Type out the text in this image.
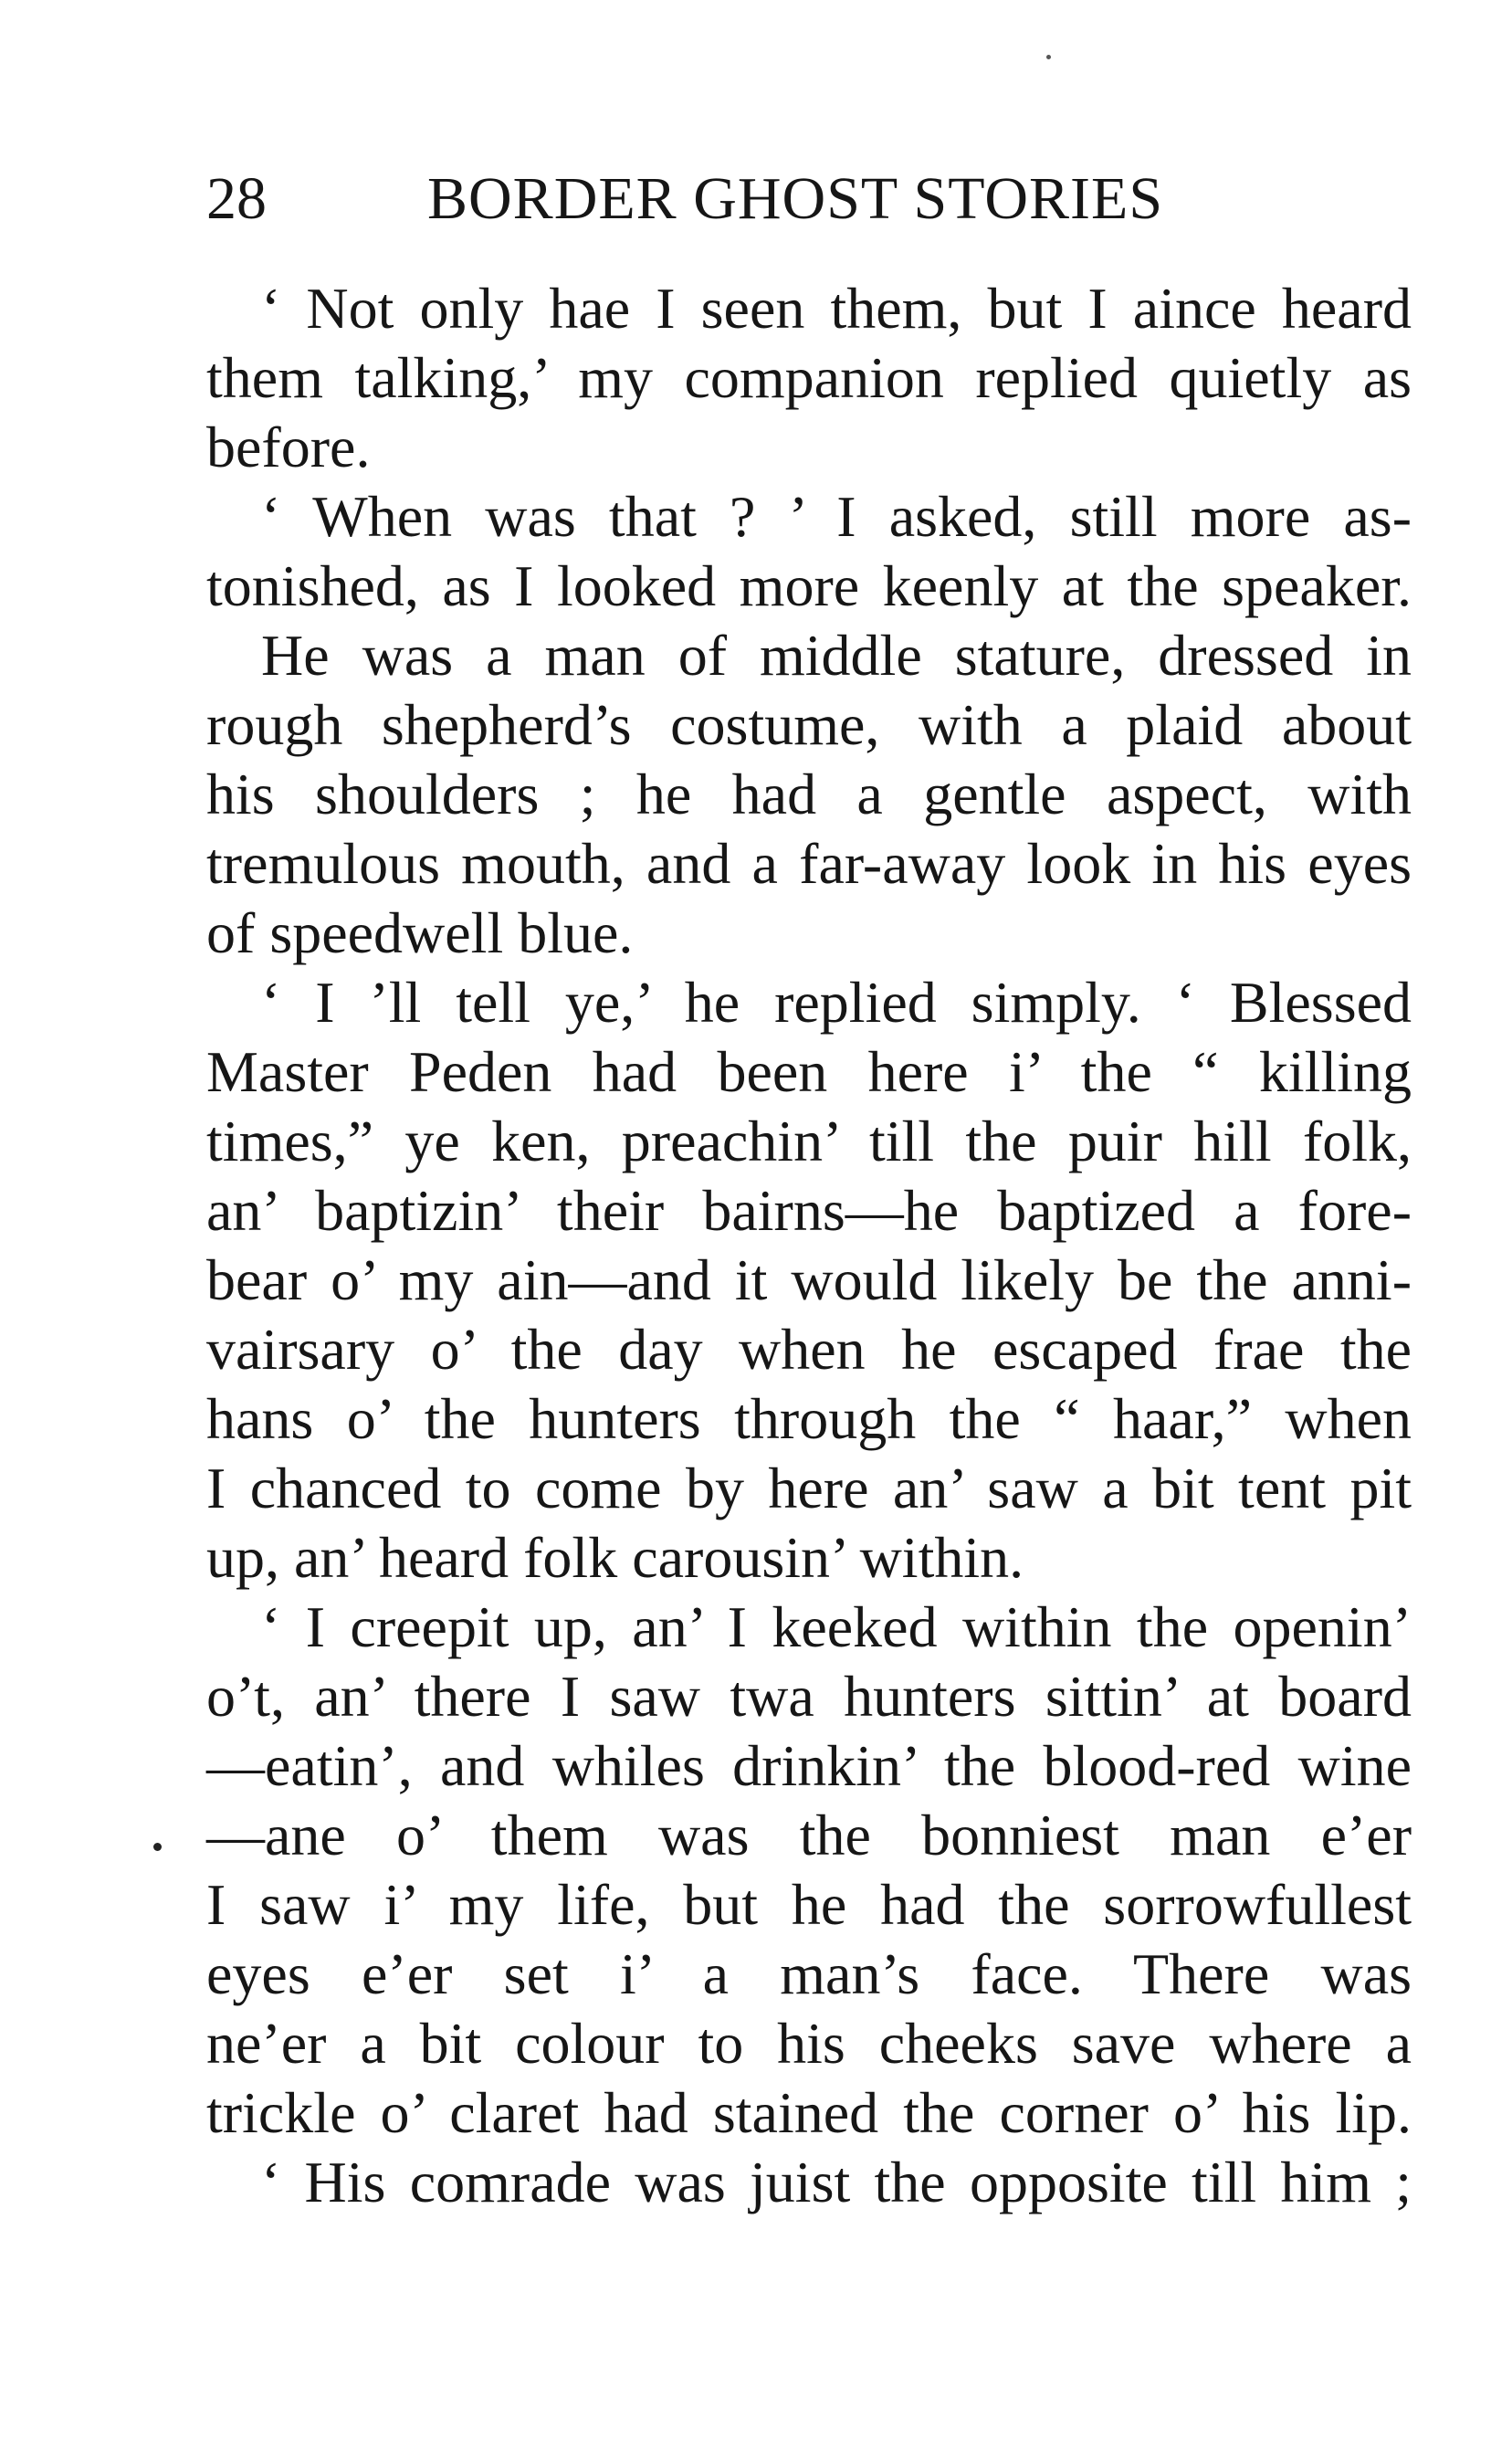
28	BORDER GHOST STORIES
‘ Not only hae I seen them, but I aince heard
them talking,’ my companion replied quietly as
before.
‘ When was that ? ’ I asked, still more as-
tonished, as I looked more keenly at the speaker.
He was a man of middle stature, dressed in
rough shepherd’s costume, with a plaid about
his shoulders ; he had a gentle aspect, with
tremulous mouth, and a far-away look in his eyes
of speedwell blue.
‘ I ’ll tell ye,’ he replied simply. ‘ Blessed
Master Peden had been here i’ the “ killing
times,” ye ken, preachin’ till the puir hill folk,
an’ baptizin’ their bairns—he baptized a fore-
bear o’ my ain—and it would likely be the anni-
vairsary o’ the day when he escaped frae the
hans o’ the hunters through the “ haar,” when
I chanced to come by here an’ saw a bit tent pit
up, an’ heard folk carousin’ within.
‘ I creepit up, an’ I keeked within the openin’
o’t, an’ there I saw twa hunters sittin’ at board
—eatin’, and whiles drinkin’ the blood-red wine
—ane o’ them was the bonniest man e’er
I saw i’ my life, but he had the sorrowfullest
eyes e’er set i’ a man’s face. There was
ne’er a bit colour to his cheeks save where a
trickle o’ claret had stained the corner o’ his lip.
‘ His comrade was juist the opposite till him ;
